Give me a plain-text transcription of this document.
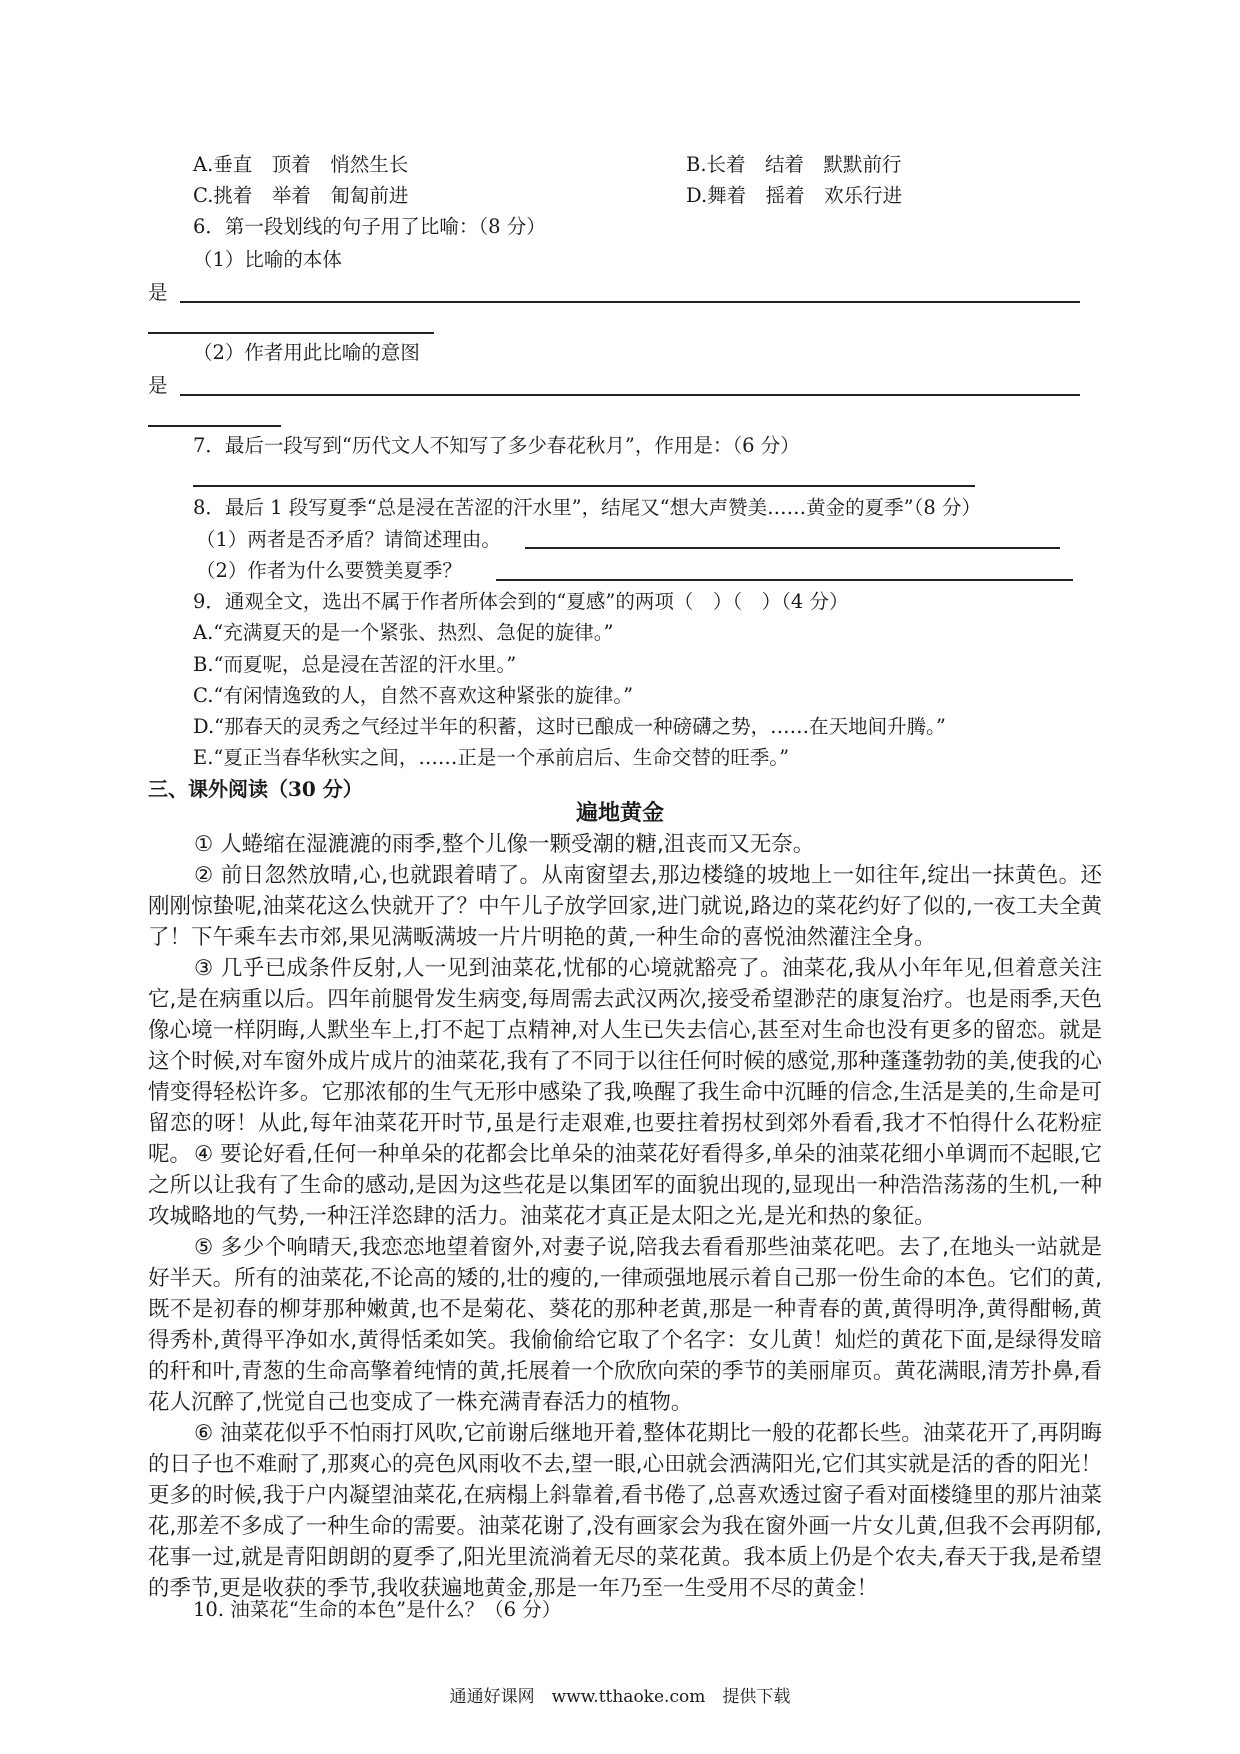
A.垂直　顶着　悄然生长	B.长着　结着　默默前行
C.挑着　举着　匍匐前进	D.舞着　摇着　欢乐行进
6．第一段划线的句子用了比喻：（8 分）
（1）比喻的本体
是
（2）作者用此比喻的意图
是
7．最后一段写到“历代文人不知写了多少春花秋月”，作用是：（6 分）
8．最后 1 段写夏季“总是浸在苦涩的汗水里”，结尾又“想大声赞美……黄金的夏季”（8 分）
（1）两者是否矛盾？请简述理由。
（2）作者为什么要赞美夏季？
9．通观全文，选出不属于作者所体会到的“夏感”的两项（　）（　）（4 分）
A.“充满夏天的是一个紧张、热烈、急促的旋律。”
B.“而夏呢，总是浸在苦涩的汗水里。”
C.“有闲情逸致的人，自然不喜欢这种紧张的旋律。”
D.“那春天的灵秀之气经过半年的积蓄，这时已酿成一种磅礴之势，……在天地间升腾。”
E.“夏正当春华秋实之间，……正是一个承前启后、生命交替的旺季。”
三、课外阅读（30 分）
遍地黄金
① 人蜷缩在湿漉漉的雨季,整个儿像一颗受潮的糖,沮丧而又无奈。
② 前日忽然放晴,心,也就跟着晴了。从南窗望去,那边楼缝的坡地上一如往年,绽出一抹黄色。还刚刚惊蛰呢,油菜花这么快就开了？中午儿子放学回家,进门就说,路边的菜花约好了似的,一夜工夫全黄了！下午乘车去市郊,果见满畈满坡一片片明艳的黄,一种生命的喜悦油然灌注全身。
③ 几乎已成条件反射,人一见到油菜花,忧郁的心境就豁亮了。油菜花,我从小年年见,但着意关注它,是在病重以后。四年前腿骨发生病变,每周需去武汉两次,接受希望渺茫的康复治疗。也是雨季,天色像心境一样阴晦,人默坐车上,打不起丁点精神,对人生已失去信心,甚至对生命也没有更多的留恋。就是这个时候,对车窗外成片成片的油菜花,我有了不同于以往任何时候的感觉,那种蓬蓬勃勃的美,使我的心情变得轻松许多。它那浓郁的生气无形中感染了我,唤醒了我生命中沉睡的信念,生活是美的,生命是可留恋的呀！从此,每年油菜花开时节,虽是行走艰难,也要拄着拐杖到郊外看看,我才不怕得什么花粉症呢。 ④ 要论好看,任何一种单朵的花都会比单朵的油菜花好看得多,单朵的油菜花细小单调而不起眼,它之所以让我有了生命的感动,是因为这些花是以集团军的面貌出现的,显现出一种浩浩荡荡的生机,一种攻城略地的气势,一种汪洋恣肆的活力。油菜花才真正是太阳之光,是光和热的象征。
⑤ 多少个响晴天,我恋恋地望着窗外,对妻子说,陪我去看看那些油菜花吧。去了,在地头一站就是好半天。所有的油菜花,不论高的矮的,壮的瘦的,一律顽强地展示着自己那一份生命的本色。它们的黄,既不是初春的柳芽那种嫩黄,也不是菊花、葵花的那种老黄,那是一种青春的黄,黄得明净,黄得酣畅,黄得秀朴,黄得平净如水,黄得恬柔如笑。我偷偷给它取了个名字：女儿黄！灿烂的黄花下面,是绿得发暗的秆和叶,青葱的生命高擎着纯情的黄,托展着一个欣欣向荣的季节的美丽扉页。黄花满眼,清芳扑鼻,看花人沉醉了,恍觉自己也变成了一株充满青春活力的植物。
⑥ 油菜花似乎不怕雨打风吹,它前谢后继地开着,整体花期比一般的花都长些。油菜花开了,再阴晦的日子也不难耐了,那爽心的亮色风雨收不去,望一眼,心田就会洒满阳光,它们其实就是活的香的阳光！更多的时候,我于户内凝望油菜花,在病榻上斜靠着,看书倦了,总喜欢透过窗子看对面楼缝里的那片油菜花,那差不多成了一种生命的需要。油菜花谢了,没有画家会为我在窗外画一片女儿黄,但我不会再阴郁,花事一过,就是青阳朗朗的夏季了,阳光里流淌着无尽的菜花黄。我本质上仍是个农夫,春天于我,是希望的季节,更是收获的季节,我收获遍地黄金,那是一年乃至一生受用不尽的黄金！
10. 油菜花“生命的本色”是什么？（6 分）
通通好课网　www.tthaoke.com　提供下载
